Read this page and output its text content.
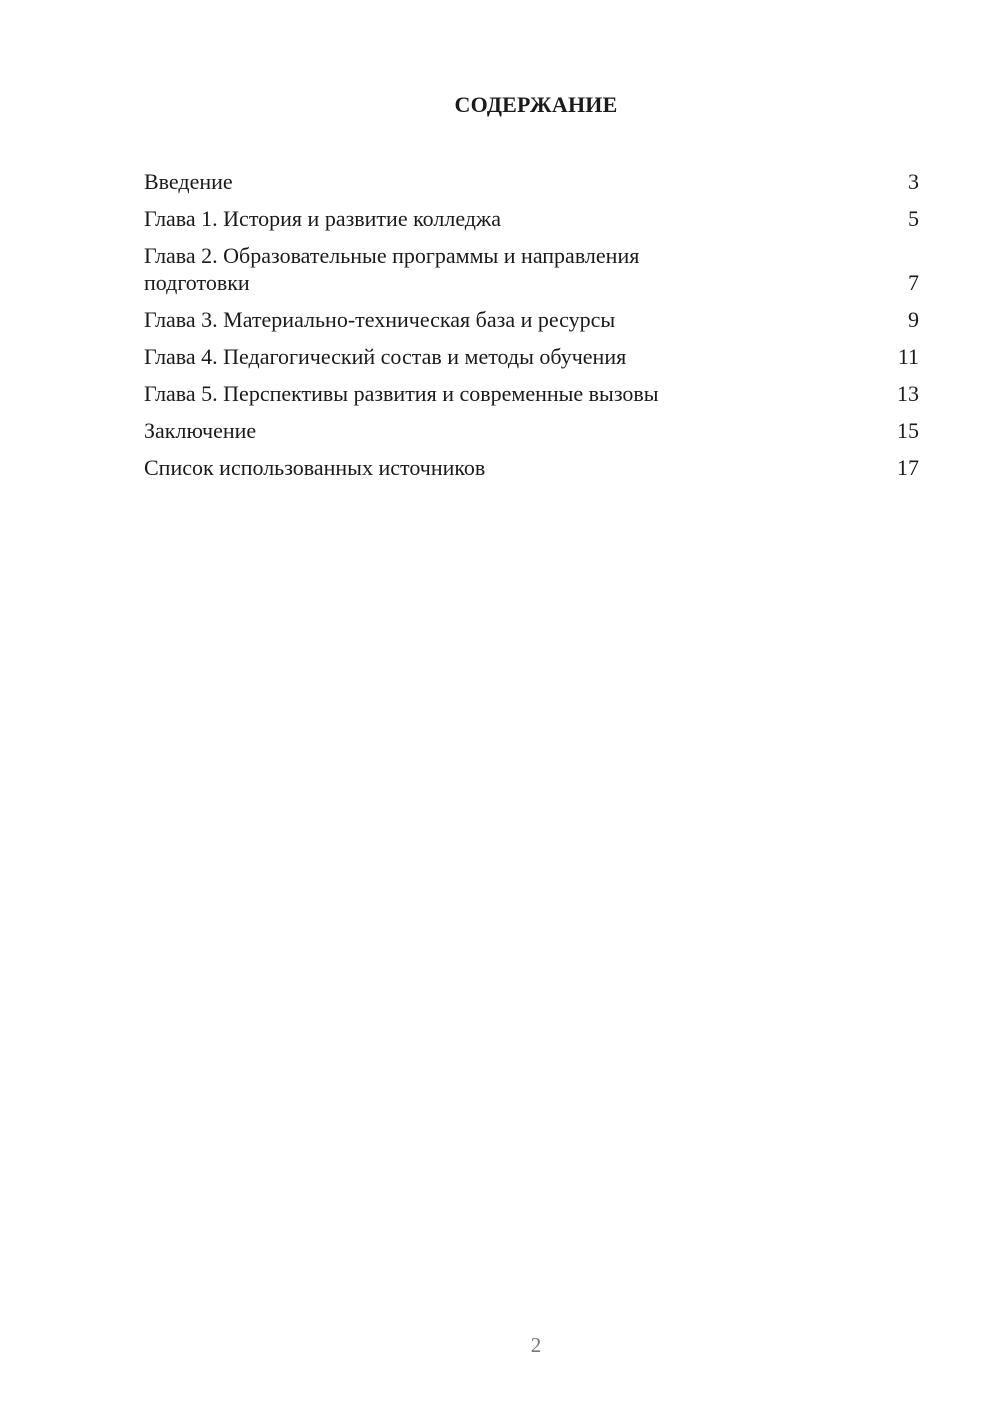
СОДЕРЖАНИЕ
Введение	3
Глава 1. История и развитие колледжа	5
Глава 2. Образовательные программы и направления подготовки	7
Глава 3. Материально-техническая база и ресурсы	9
Глава 4. Педагогический состав и методы обучения	11
Глава 5. Перспективы развития и современные вызовы	13
Заключение	15
Список использованных источников	17
2
